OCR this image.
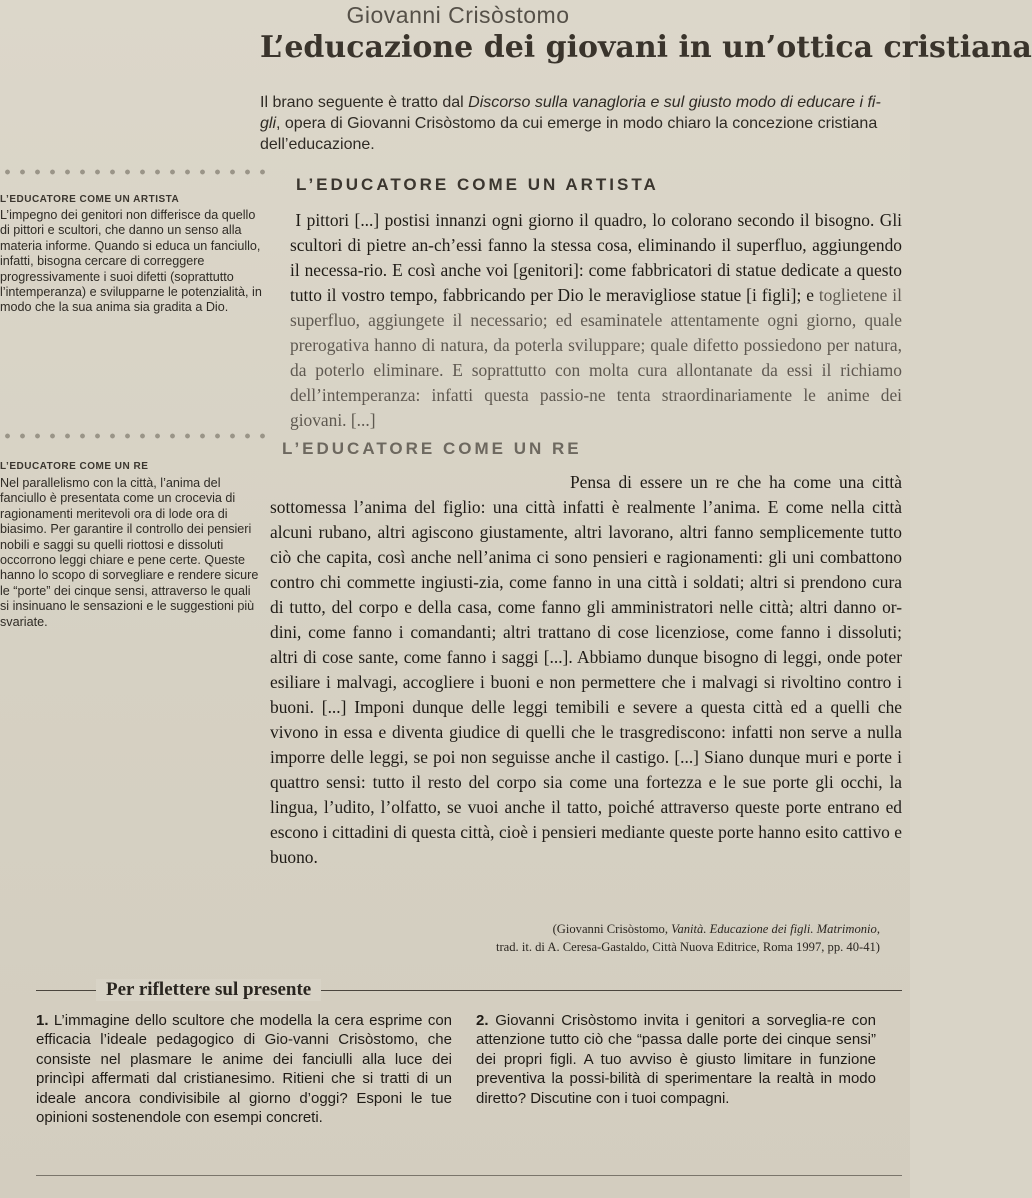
Giovanni Crisòstomo
L’educazione dei giovani in un’ottica cristiana
Il brano seguente è tratto dal Discorso sulla vanagloria e sul giusto modo di educare i fi-gli, opera di Giovanni Crisòstomo da cui emerge in modo chiaro la concezione cristiana dell’educazione.
L’EDUCATORE COME UN ARTISTA
L’EDUCATORE COME UN ARTISTA
L’impegno dei genitori non differisce da quello di pittori e scultori, che danno un senso alla materia informe. Quando si educa un fanciullo, infatti, bisogna cercare di correggere progressivamente i suoi difetti (soprattutto l’intemperanza) e svilupparne le potenzialità, in modo che la sua anima sia gradita a Dio.
I pittori [...] postisi innanzi ogni giorno il quadro, lo colorano secondo il bisogno. Gli scultori di pietre an-ch’essi fanno la stessa cosa, eliminando il superfluo, aggiungendo il necessa-rio. E così anche voi [genitori]: come fabbricatori di statue dedicate a questo tutto il vostro tempo, fabbricando per Dio le meravigliose statue [i figli]; e toglietene il superfluo, aggiungete il necessario; ed esaminatele attentamente ogni giorno, quale prerogativa hanno di natura, da poterla sviluppare; quale difetto possiedono per natura, da poterlo eliminare. E soprattutto con molta cura allontanate da essi il richiamo dell’intemperanza: infatti questa passio-ne tenta straordinariamente le anime dei giovani. [...]
L’EDUCATORE COME UN RE
L’EDUCATORE COME UN RE
Nel parallelismo con la città, l’anima del fanciullo è presentata come un crocevia di ragionamenti meritevoli ora di lode ora di biasimo. Per garantire il controllo dei pensieri nobili e saggi su quelli riottosi e dissoluti occorrono leggi chiare e pene certe. Queste hanno lo scopo di sorvegliare e rendere sicure le “porte” dei cinque sensi, attraverso le quali si insinuano le sensazioni e le suggestioni più svariate.
Pensa di essere un re che ha come una città sottomessa l’anima del figlio: una città infatti è realmente l’anima. E come nella città alcuni rubano, altri agiscono giustamente, altri lavorano, altri fanno semplicemente tutto ciò che capita, così anche nell’anima ci sono pensieri e ragionamenti: gli uni combattono contro chi commette ingiusti-zia, come fanno in una città i soldati; altri si prendono cura di tutto, del corpo e della casa, come fanno gli amministratori nelle città; altri danno or-dini, come fanno i comandanti; altri trattano di cose licenziose, come fanno i dissoluti; altri di cose sante, come fanno i saggi [...]. Abbiamo dunque bisogno di leggi, onde poter esiliare i malvagi, accogliere i buoni e non permettere che i malvagi si rivoltino contro i buoni. [...] Imponi dunque delle leggi temibili e severe a questa città ed a quelli che vivono in essa e diventa giudice di quelli che le trasgrediscono: infatti non serve a nulla imporre delle leggi, se poi non seguisse anche il castigo. [...] Siano dunque muri e porte i quattro sensi: tutto il resto del corpo sia come una fortezza e le sue porte gli occhi, la lingua, l’udito, l’olfatto, se vuoi anche il tatto, poiché attraverso queste porte entrano ed escono i cittadini di questa città, cioè i pensieri mediante queste porte hanno esito cattivo e buono.
(Giovanni Crisòstomo, Vanità. Educazione dei figli. Matrimonio,
trad. it. di A. Ceresa-Gastaldo, Città Nuova Editrice, Roma 1997, pp. 40-41)
Per riflettere sul presente
1. L’immagine dello scultore che modella la cera esprime con efficacia l’ideale pedagogico di Gio-vanni Crisòstomo, che consiste nel plasmare le anime dei fanciulli alla luce dei princìpi affermati dal cristianesimo. Ritieni che si tratti di un ideale ancora condivisibile al giorno d’oggi? Esponi le tue opinioni sostenendole con esempi concreti.
2. Giovanni Crisòstomo invita i genitori a sorveglia-re con attenzione tutto ciò che “passa dalle porte dei cinque sensi” dei propri figli. A tuo avviso è giusto limitare in funzione preventiva la possi-bilità di sperimentare la realtà in modo diretto? Discutine con i tuoi compagni.
